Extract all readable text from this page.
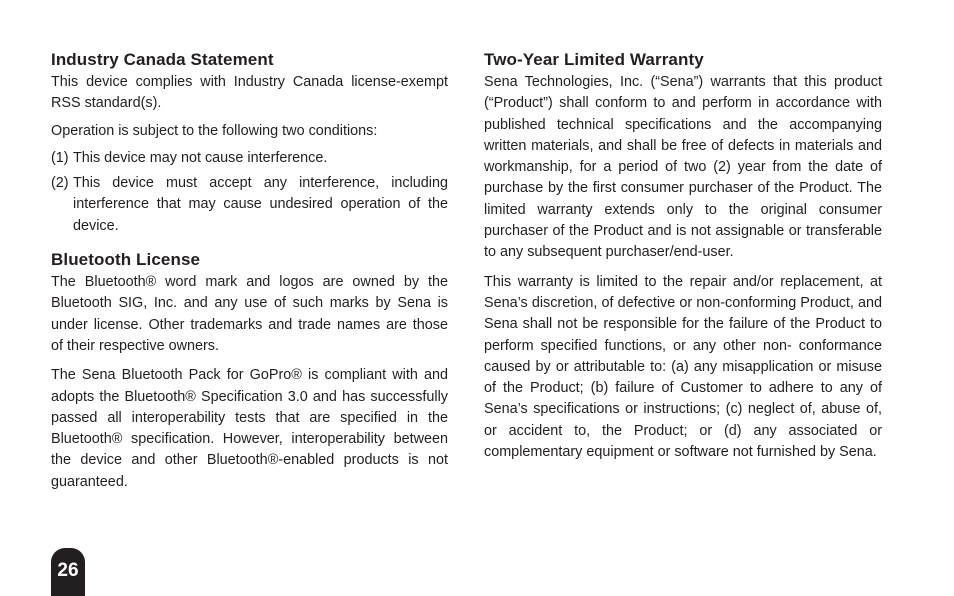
Industry Canada Statement

This device complies with Industry Canada license-exempt RSS standard(s).

Operation is subject to the following two conditions:

(1) This device may not cause interference.
(2) This device must accept any interference, including interference that may cause undesired operation of the device.
Bluetooth License

The Bluetooth® word mark and logos are owned by the Bluetooth SIG, Inc. and any use of such marks by Sena is under license. Other trademarks and trade names are those of their respective owners.

The Sena Bluetooth Pack for GoPro® is compliant with and adopts the Bluetooth® Specification 3.0 and has successfully passed all interoperability tests that are specified in the Bluetooth® specification. However, interoperability between the device and other Bluetooth®-enabled products is not guaranteed.

Two-Year Limited Warranty

Sena Technologies, Inc. (“Sena”) warrants that this product (“Product”) shall conform to and perform in accordance with published technical specifications and the accompanying written materials, and shall be free of defects in materials and workmanship, for a period of two (2) year from the date of purchase by the first consumer purchaser of the Product. The limited warranty extends only to the original consumer purchaser of the Product and is not assignable or transferable to any subsequent purchaser/end-user.

This warranty is limited to the repair and/or replacement, at Sena’s discretion, of defective or non-conforming Product, and Sena shall not be responsible for the failure of the Product to perform specified functions, or any other non- conformance caused by or attributable to: (a) any misapplication or misuse of the Product; (b) failure of Customer to adhere to any of Sena’s specifications or instructions; (c) neglect of, abuse of, or accident to, the Product; or (d) any associated or complementary equipment or software not furnished by Sena.

26
